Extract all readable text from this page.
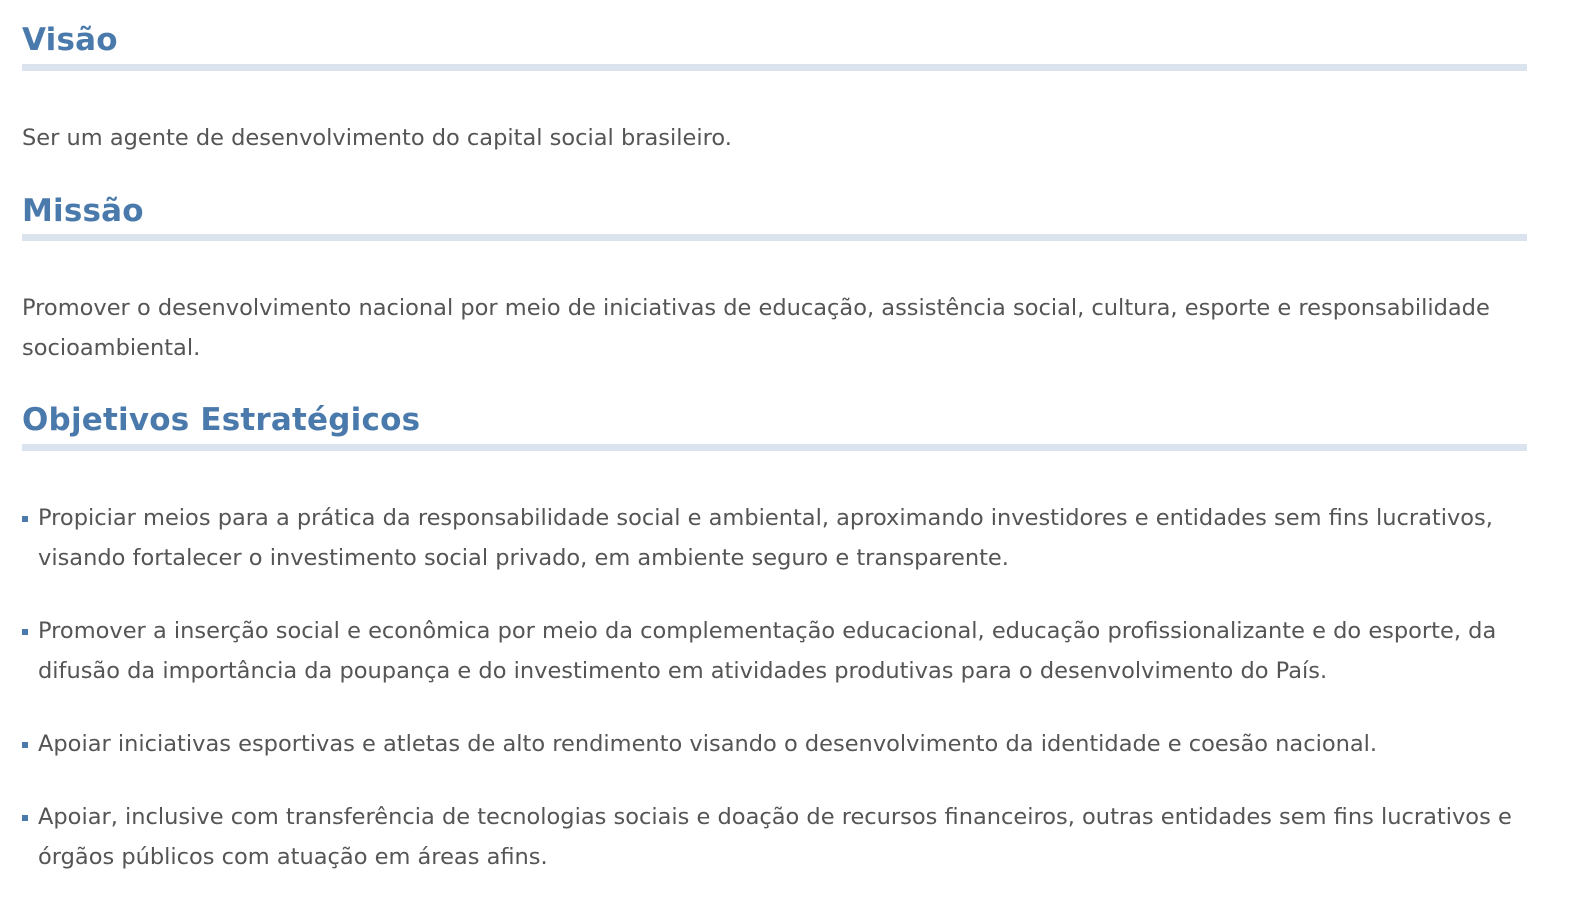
Visão

Ser um agente de desenvolvimento do capital social brasileiro.

Missão

Promover o desenvolvimento nacional por meio de iniciativas de educação, assistência social, cultura, esporte e responsabilidade socioambiental.

Objetivos Estratégicos
Propiciar meios para a prática da responsabilidade social e ambiental, aproximando investidores e entidades sem fins lucrativos, visando fortalecer o investimento social privado, em ambiente seguro e transparente.
Promover a inserção social e econômica por meio da complementação educacional, educação profissionalizante e do esporte, da difusão da importância da poupança e do investimento em atividades produtivas para o desenvolvimento do País.
Apoiar iniciativas esportivas e atletas de alto rendimento visando o desenvolvimento da identidade e coesão nacional.
Apoiar, inclusive com transferência de tecnologias sociais e doação de recursos financeiros, outras entidades sem fins lucrativos e órgãos públicos com atuação em áreas afins.
